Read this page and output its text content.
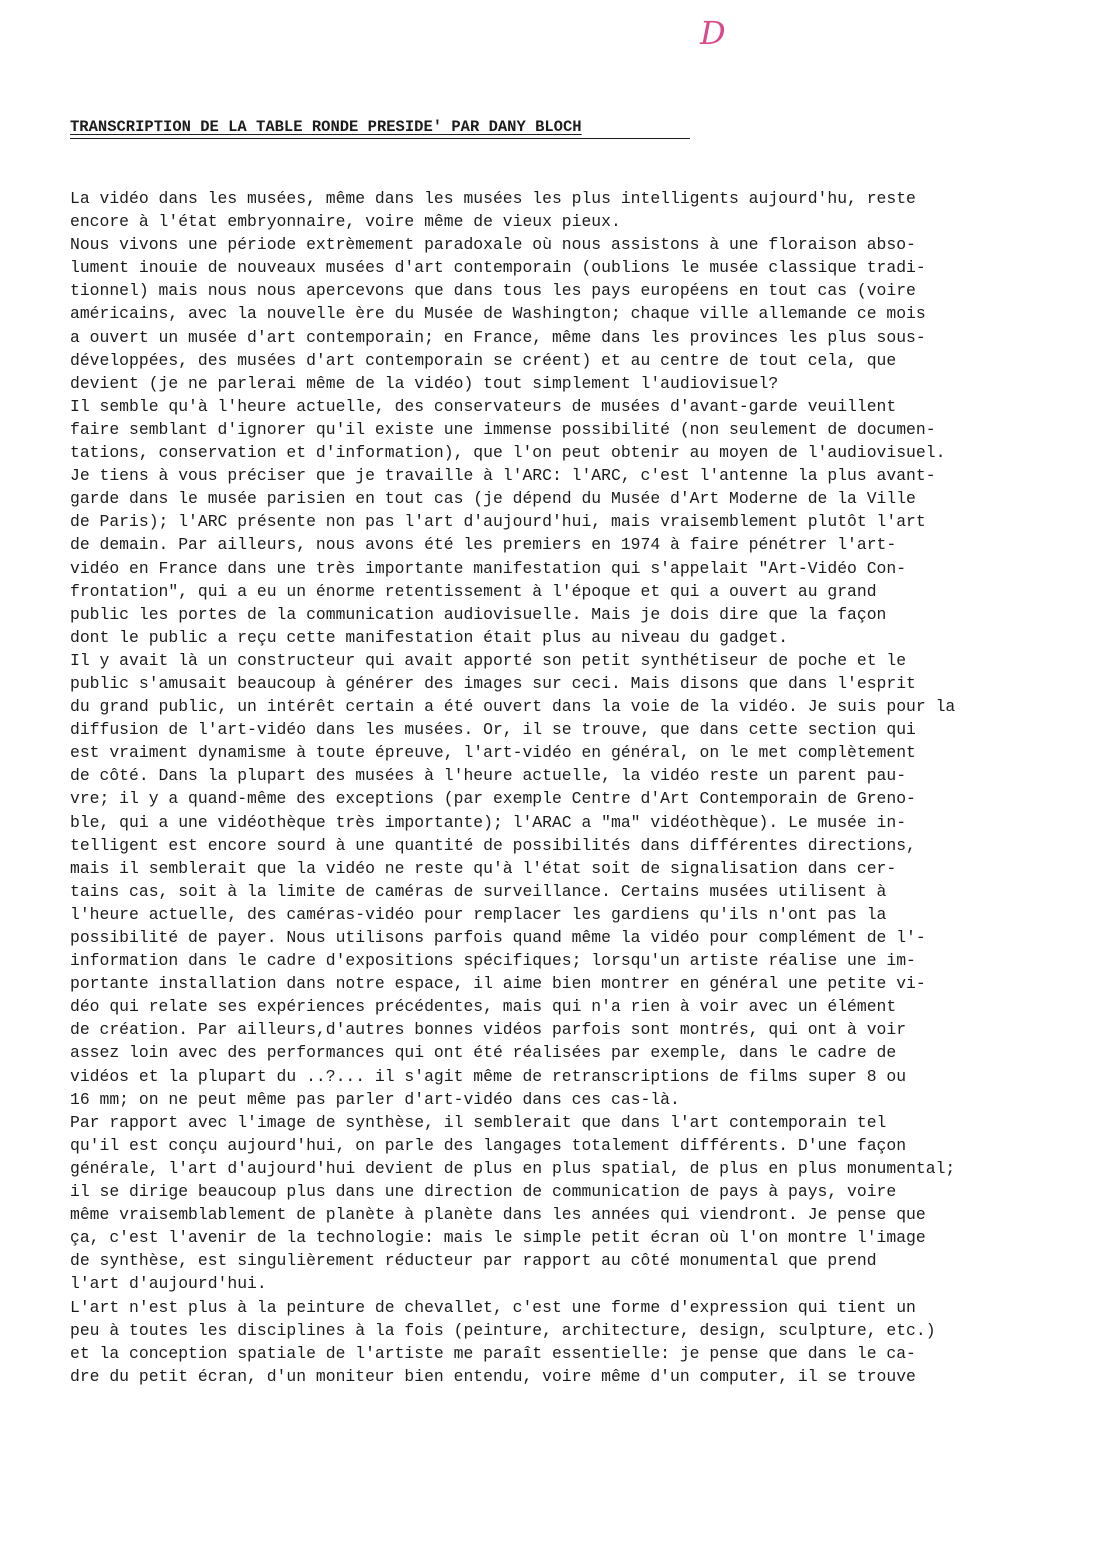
D
TRANSCRIPTION DE LA TABLE RONDE PRESIDE' PAR DANY BLOCH
La vidéo dans les musées, même dans les musées les plus intelligents aujourd'hu, reste
encore à l'état embryonnaire, voire même de vieux pieux.
Nous vivons une période extrèmement paradoxale où nous assistons à une floraison abso-
lument inouie de nouveaux musées d'art contemporain (oublions le musée classique tradi-
tionnel) mais nous nous apercevons que dans tous les pays européens en tout cas (voire
américains, avec la nouvelle ère du Musée de Washington; chaque ville allemande ce mois
a ouvert un musée d'art contemporain; en France, même dans les provinces les plus sous-
développées, des musées d'art contemporain se créent) et au centre de tout cela, que
devient (je ne parlerai même de la vidéo) tout simplement l'audiovisuel?
Il semble qu'à l'heure actuelle, des conservateurs de musées d'avant-garde veuillent
faire semblant d'ignorer qu'il existe une immense possibilité (non seulement de documen-
tations, conservation et d'information), que l'on peut obtenir au moyen de l'audiovisuel.
Je tiens à vous préciser que je travaille à l'ARC: l'ARC, c'est l'antenne la plus avant-
garde dans le musée parisien en tout cas (je dépend du Musée d'Art Moderne de la Ville
de Paris); l'ARC présente non pas l'art d'aujourd'hui, mais vraisemblement plutôt l'art
de demain. Par ailleurs, nous avons été les premiers en 1974 à faire pénétrer l'art-
vidéo en France dans une très importante manifestation qui s'appelait "Art-Vidéo Con-
frontation", qui a eu un énorme retentissement à l'époque et qui a ouvert au grand
public les portes de la communication audiovisuelle. Mais je dois dire que la façon
dont le public a reçu cette manifestation était plus au niveau du gadget.
Il y avait là un constructeur qui avait apporté son petit synthétiseur de poche et le
public s'amusait beaucoup à générer des images sur ceci. Mais disons que dans l'esprit
du grand public, un intérêt certain a été ouvert dans la voie de la vidéo. Je suis pour la
diffusion de l'art-vidéo dans les musées. Or, il se trouve, que dans cette section qui
est vraiment dynamisme à toute épreuve, l'art-vidéo en général, on le met complètement
de côté. Dans la plupart des musées à l'heure actuelle, la vidéo reste un parent pau-
vre; il y a quand-même des exceptions (par exemple Centre d'Art Contemporain de Greno-
ble, qui a une vidéothèque très importante); l'ARAC a "ma" vidéothèque). Le musée in-
telligent est encore sourd à une quantité de possibilités dans différentes directions,
mais il semblerait que la vidéo ne reste qu'à l'état soit de signalisation dans cer-
tains cas, soit à la limite de caméras de surveillance. Certains musées utilisent à
l'heure actuelle, des caméras-vidéo pour remplacer les gardiens qu'ils n'ont pas la
possibilité de payer. Nous utilisons parfois quand même la vidéo pour complément de l'-
information dans le cadre d'expositions spécifiques; lorsqu'un artiste réalise une im-
portante installation dans notre espace, il aime bien montrer en général une petite vi-
déo qui relate ses expériences précédentes, mais qui n'a rien à voir avec un élément
de création. Par ailleurs,d'autres bonnes vidéos parfois sont montrés, qui ont à voir
assez loin avec des performances qui ont été réalisées par exemple, dans le cadre de
vidéos et la plupart du ..?... il s'agit même de retranscriptions de films super 8 ou
16 mm; on ne peut même pas parler d'art-vidéo dans ces cas-là.
Par rapport avec l'image de synthèse, il semblerait que dans l'art contemporain tel
qu'il est conçu aujourd'hui, on parle des langages totalement différents. D'une façon
générale, l'art d'aujourd'hui devient de plus en plus spatial, de plus en plus monumental;
il se dirige beaucoup plus dans une direction de communication de pays à pays, voire
même vraisemblablement de planète à planète dans les années qui viendront. Je pense que
ça, c'est l'avenir de la technologie: mais le simple petit écran où l'on montre l'image
de synthèse, est singulièrement réducteur par rapport au côté monumental que prend
l'art d'aujourd'hui.
L'art n'est plus à la peinture de chevallet, c'est une forme d'expression qui tient un
peu à toutes les disciplines à la fois (peinture, architecture, design, sculpture, etc.)
et la conception spatiale de l'artiste me paraît essentielle: je pense que dans le ca-
dre du petit écran, d'un moniteur bien entendu, voire même d'un computer, il se trouve
